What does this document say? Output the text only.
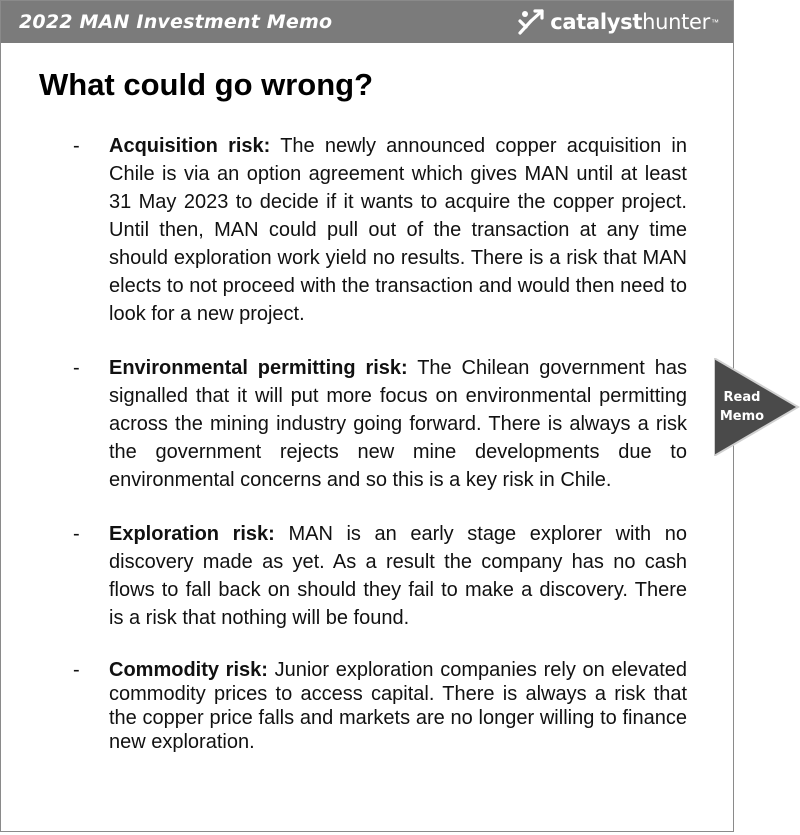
2022 MAN Investment Memo	catalyst hunter ™
What could go wrong?
- Acquisition risk: The newly announced copper acquisition in Chile is via an option agreement which gives MAN until at least 31 May 2023 to decide if it wants to acquire the copper project. Until then, MAN could pull out of the transaction at any time should exploration work yield no results. There is a risk that MAN elects to not proceed with the transaction and would then need to look for a new project.
- Environmental permitting risk: The Chilean government has signalled that it will put more focus on environmental permitting across the mining industry going forward. There is always a risk the government rejects new mine developments due to environmental concerns and so this is a key risk in Chile.
- Exploration risk: MAN is an early stage explorer with no discovery made as yet. As a result the company has no cash flows to fall back on should they fail to make a discovery. There is a risk that nothing will be found.
- Commodity risk: Junior exploration companies rely on elevated commodity prices to access capital. There is always a risk that the copper price falls and markets are no longer willing to finance new exploration.
Read
Memo
